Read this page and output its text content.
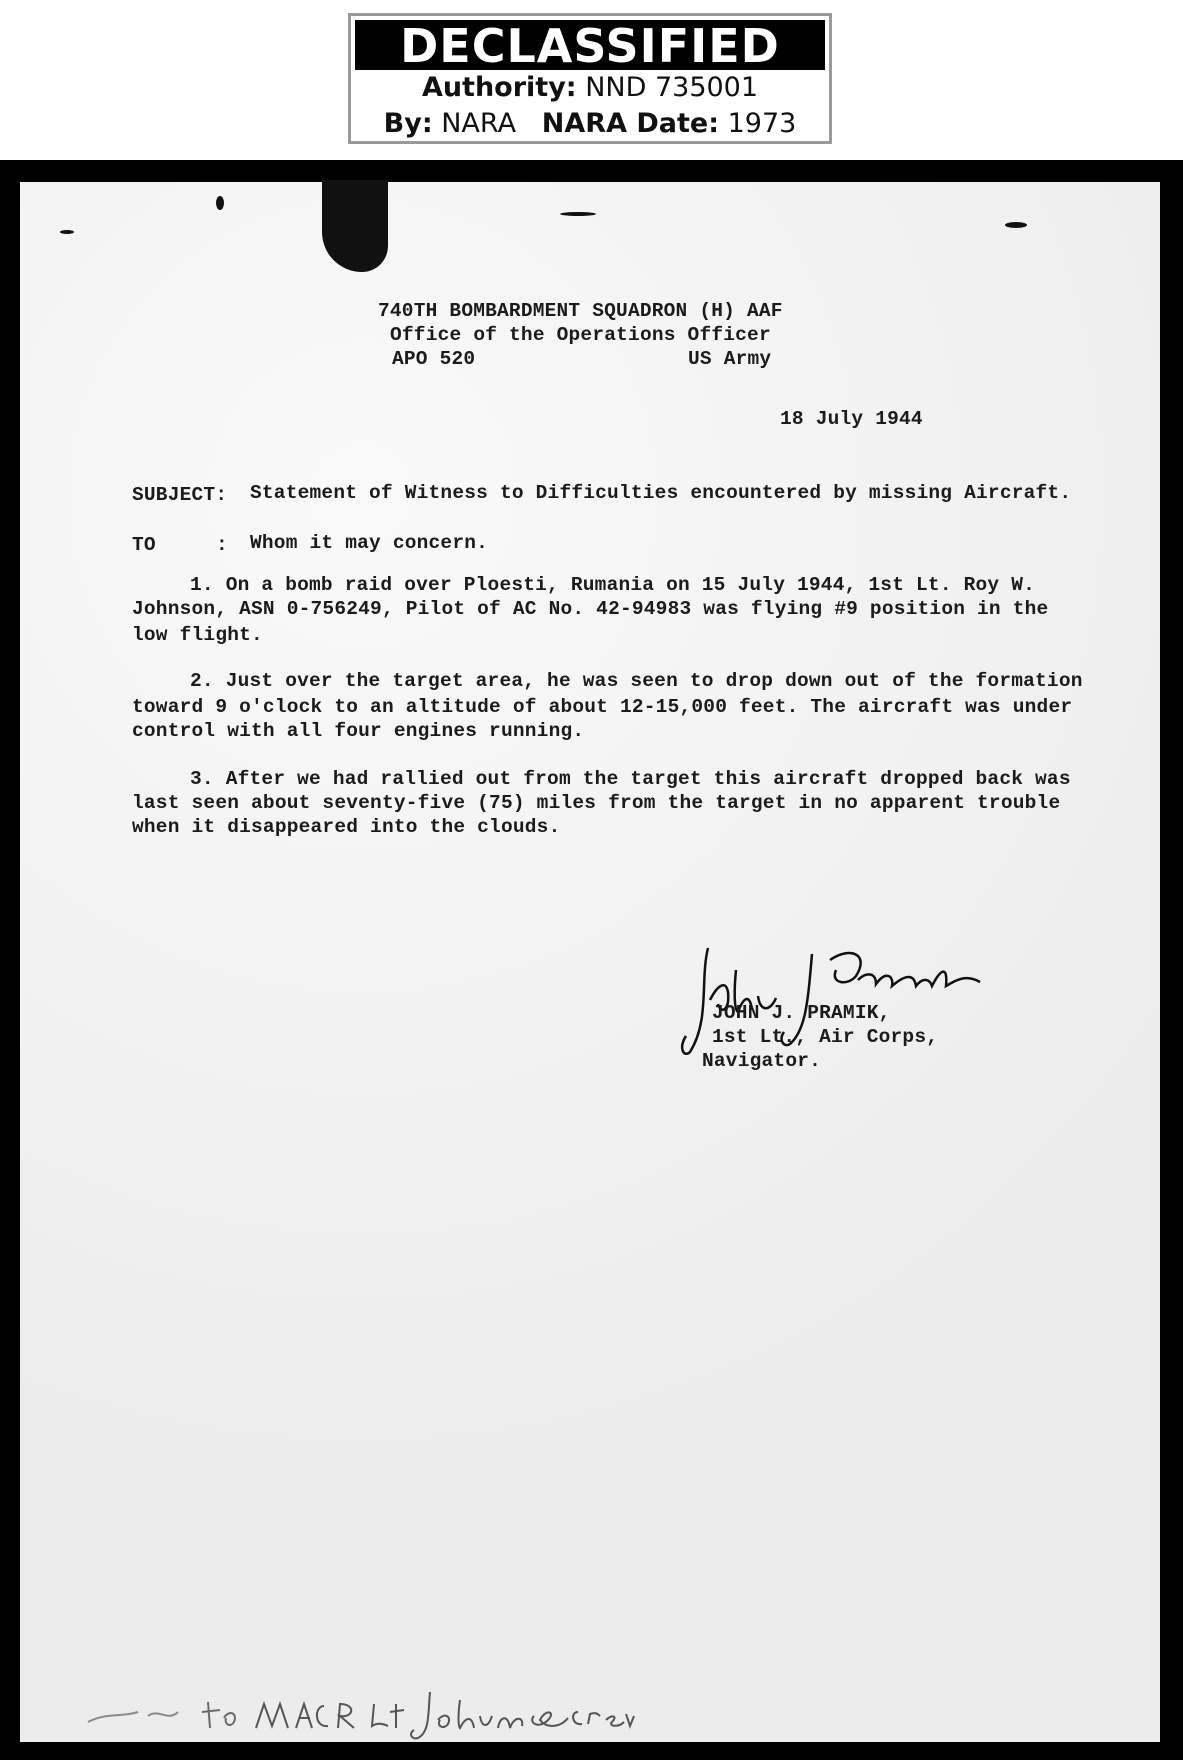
DECLASSIFIED
Authority: NND 735001
By: NARA NARA Date: 1973
740TH BOMBARDMENT SQUADRON (H) AAF
Office of the Operations Officer
APO 520	US Army
18 July 1944
SUBJECT: Statement of Witness to Difficulties encountered by missing Aircraft.
TO	: Whom it may concern.
1. On a bomb raid over Ploesti, Rumania on 15 July 1944, 1st Lt. Roy W.
Johnson, ASN 0-756249, Pilot of AC No. 42-94983 was flying #9 position in the
low flight.
2. Just over the target area, he was seen to drop down out of the formation
toward 9 o'clock to an altitude of about 12-15,000 feet. The aircraft was under
control with all four engines running.
3. After we had rallied out from the target this aircraft dropped back was
last seen about seventy-five (75) miles from the target in no apparent trouble
when it disappeared into the clouds.
JOHN J. PRAMIK,
1st Lt., Air Corps,
Navigator.
Incl 2 to MACR Lt Johnson & Crew
